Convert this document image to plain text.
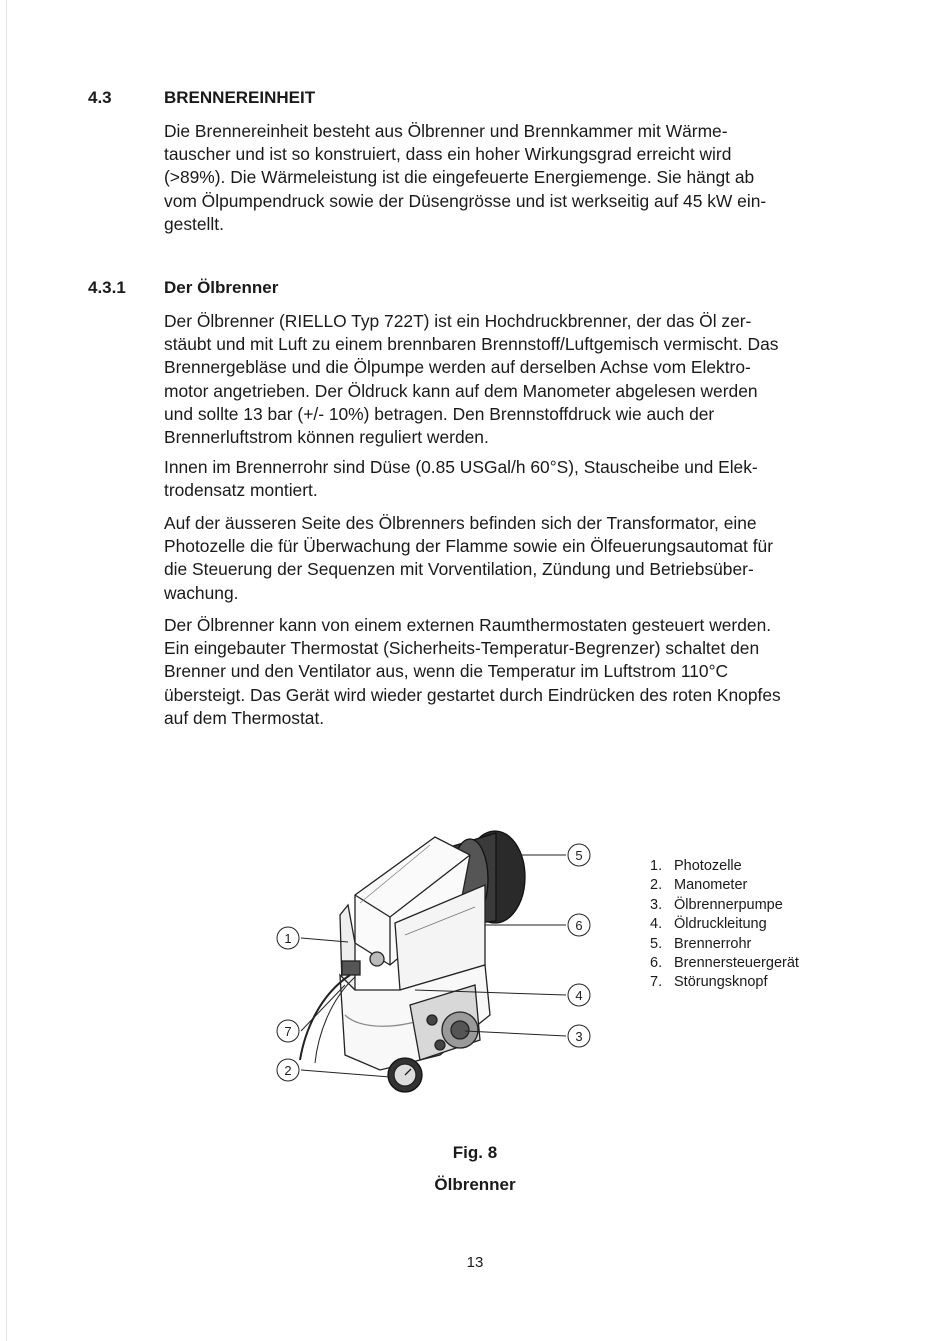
4.3	BRENNEREINHEIT

Die Brennereinheit besteht aus Ölbrenner und Brennkammer mit Wärme-
tauscher und ist so konstruiert, dass ein hoher Wirkungsgrad erreicht wird
(>89%). Die Wärmeleistung ist die eingefeuerte Energiemenge. Sie hängt ab
vom Ölpumpendruck sowie der Düsengrösse und ist werkseitig auf 45 kW ein-
gestellt.

4.3.1 Der Ölbrenner

Der Ölbrenner (RIELLO Typ 722T) ist ein Hochdruckbrenner, der das Öl zer-
stäubt und mit Luft zu einem brennbaren Brennstoff/Luftgemisch vermischt. Das
Brennergebläse und die Ölpumpe werden auf derselben Achse vom Elektro-
motor angetrieben. Der Öldruck kann auf dem Manometer abgelesen werden
und sollte 13 bar (+/- 10%) betragen. Den Brennstoffdruck wie auch der
Brennerluftstrom können reguliert werden.

Innen im Brennerrohr sind Düse (0.85 USGal/h 60°S), Stauscheibe und Elek-
trodensatz montiert.

Auf der äusseren Seite des Ölbrenners befinden sich der Transformator, eine
Photozelle die für Überwachung der Flamme sowie ein Ölfeuerungsautomat für
die Steuerung der Sequenzen mit Vorventilation, Zündung und Betriebsüber-
wachung.

Der Ölbrenner kann von einem externen Raumthermostaten gesteuert werden.
Ein eingebauter Thermostat (Sicherheits-Temperatur-Begrenzer) schaltet den
Brenner und den Ventilator aus, wenn die Temperatur im Luftstrom 110°C
übersteigt. Das Gerät wird wieder gestartet durch Eindrücken des roten Knopfes
auf dem Thermostat.

1
2
3
4
5
6
7
1. Photozelle
2. Manometer
3. Ölbrennerpumpe
4. Öldruckleitung
5. Brennerrohr
6. Brennersteuergerät
7. Störungsknopf
Fig. 8
Ölbrenner
13
